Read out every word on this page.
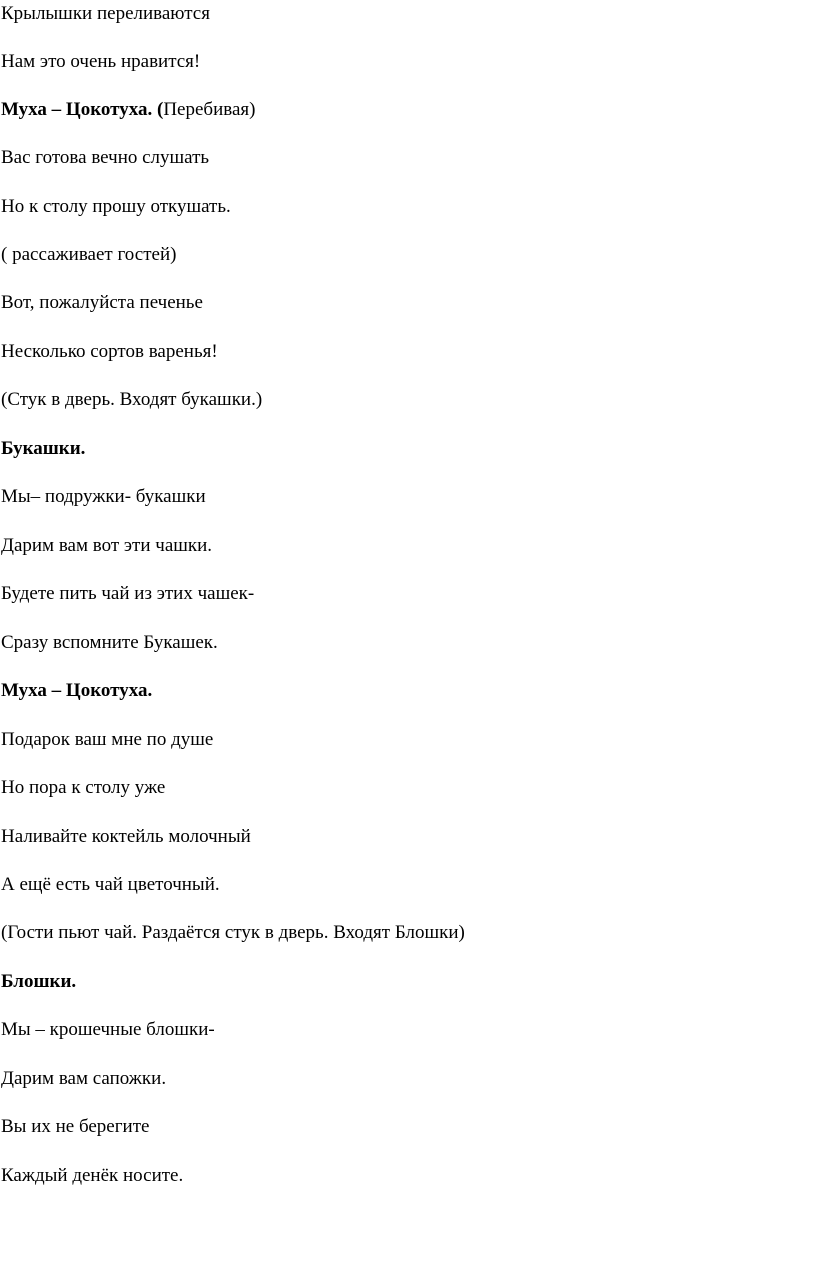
Крылышки переливаются
Нам это очень нравится!
Муха – Цокотуха. (Перебивая)
Вас готова вечно слушать
Но к столу прошу откушать.
( рассаживает гостей)
Вот, пожалуйста печенье
Несколько сортов варенья!
(Стук в дверь. Входят букашки.)
Букашки.
Мы– подружки- букашки
Дарим вам вот эти чашки.
Будете пить чай из этих чашек-
Сразу вспомните Букашек.
Муха – Цокотуха.
Подарок ваш мне по душе
Но пора к столу уже
Наливайте коктейль молочный
А ещё есть чай цветочный.
(Гости пьют чай. Раздаётся стук в дверь. Входят Блошки)
Блошки.
Мы – крошечные блошки-
Дарим вам сапожки.
Вы их не берегите
Каждый денёк носите.
